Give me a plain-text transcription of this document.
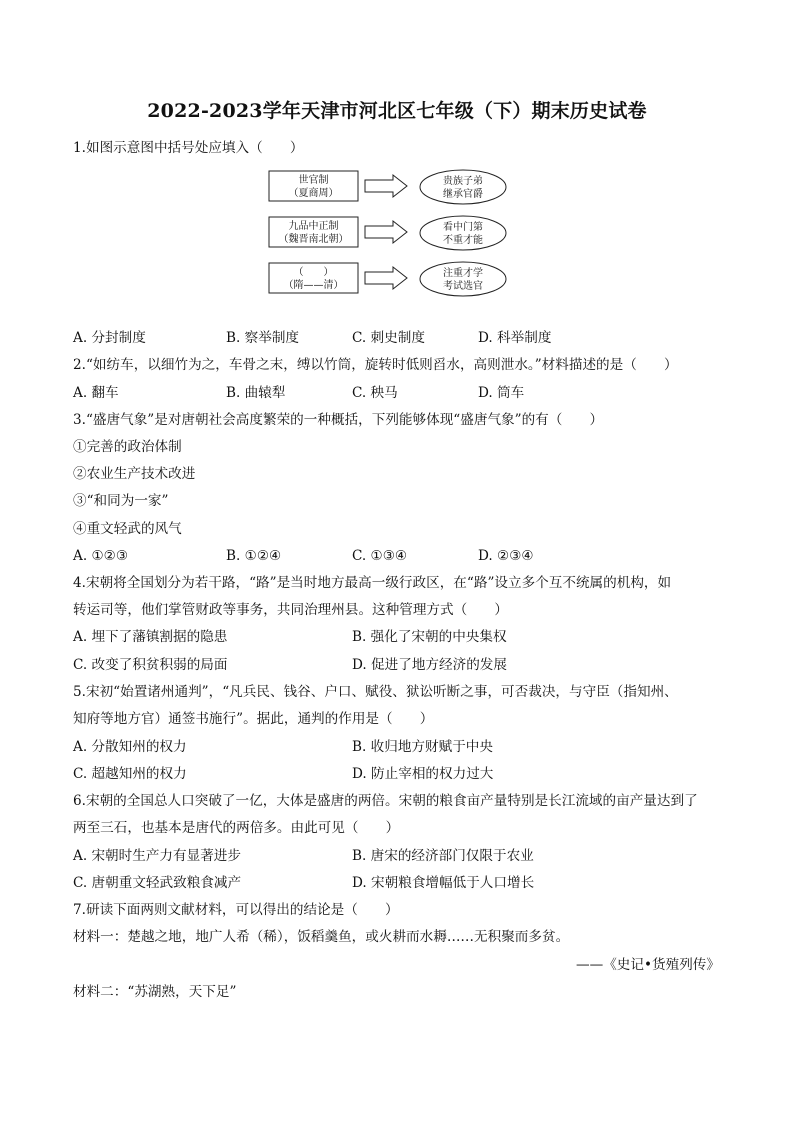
2022-2023学年天津市河北区七年级（下）期末历史试卷
1.如图示意图中括号处应填入（　　）
世官制
（夏商周）
贵族子弟
继承官爵
九品中正制
（魏晋南北朝）
看中门第
不重才能
（　　）
（隋——清）
注重才学
考试选官
A. 分封制度	B. 察举制度	C. 刺史制度	D. 科举制度
2.“如纺车，以细竹为之，车骨之末，缚以竹筒，旋转时低则舀水，高则泄水。”材料描述的是（　　）
A. 翻车	B. 曲辕犁	C. 秧马	D. 筒车
3.“盛唐气象”是对唐朝社会高度繁荣的一种概括，下列能够体现“盛唐气象”的有（　　）
①完善的政治体制
②农业生产技术改进
③“和同为一家”
④重文轻武的风气
A. ①②③	B. ①②④	C. ①③④	D. ②③④
4.宋朝将全国划分为若干路，“路”是当时地方最高一级行政区，在“路”设立多个互不统属的机构，如
转运司等，他们掌管财政等事务，共同治理州县。这种管理方式（　　）
A. 埋下了藩镇割据的隐患	B. 强化了宋朝的中央集权
C. 改变了积贫积弱的局面	D. 促进了地方经济的发展
5.宋初“始置诸州通判”，“凡兵民、钱谷、户口、赋役、狱讼听断之事，可否裁决，与守臣（指知州、
知府等地方官）通签书施行”。据此，通判的作用是（　　）
A. 分散知州的权力	B. 收归地方财赋于中央
C. 超越知州的权力	D. 防止宰相的权力过大
6.宋朝的全国总人口突破了一亿，大体是盛唐的两倍。宋朝的粮食亩产量特别是长江流域的亩产量达到了
两至三石，也基本是唐代的两倍多。由此可见（　　）
A. 宋朝时生产力有显著进步	B. 唐宋的经济部门仅限于农业
C. 唐朝重文轻武致粮食减产	D. 宋朝粮食增幅低于人口增长
7.研读下面两则文献材料，可以得出的结论是（　　）
材料一：楚越之地，地广人希（稀），饭稻羹鱼，或火耕而水耨……无积聚而多贫。
——《史记•货殖列传》
材料二：“苏湖熟，天下足”
